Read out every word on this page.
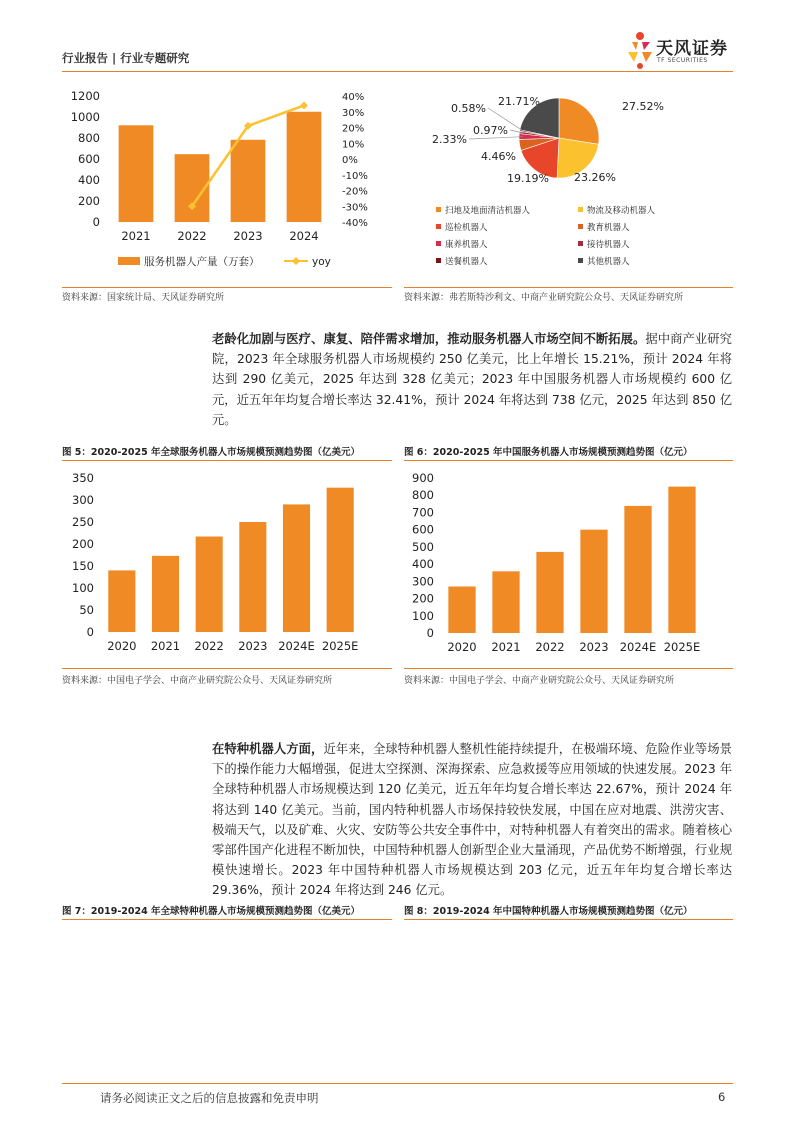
行业报告 | 行业专题研究	天风证券
TF SECURITIES
0
200
400
600
800
1000
1200
-40%
-30%
-20%
-10%
0%
10%
20%
30%
40%
2021 2022 2023 2024
服务机器人产量（万套）	yoy
资料来源：国家统计局、天风证券研究所
27.52%
23.26%
19.19%
4.46%
2.33%
0.97%
0.58%
21.71%
扫地及地面清洁机器人	物流及移动机器人
巡检机器人	教育机器人
康养机器人	接待机器人
送餐机器人	其他机器人
资料来源：弗若斯特沙利文、中商产业研究院公众号、天风证券研究所
老龄化加剧与医疗、康复、陪伴需求增加，推动服务机器人市场空间不断拓展。据中商产业研究院，2023 年全球服务机器人市场规模约 250 亿美元，比上年增长 15.21%，预计 2024 年将达到 290 亿美元，2025 年达到 328 亿美元；2023 年中国服务机器人市场规模约 600 亿元，近五年年均复合增长率达 32.41%，预计 2024 年将达到 738 亿元，2025 年达到 850 亿元。
图 5：2020-2025 年全球服务机器人市场规模预测趋势图（亿美元）
0
50
100
150
200
250
300
350
2020 2021 2022 2023 2024E 2025E
资料来源：中国电子学会、中商产业研究院公众号、天风证券研究所
图 6：2020-2025 年中国服务机器人市场规模预测趋势图（亿元）
0
100
200
300
400
500
600
700
800
900
2020 2021 2022 2023 2024E 2025E
资料来源：中国电子学会、中商产业研究院公众号、天风证券研究所
在特种机器人方面，近年来，全球特种机器人整机性能持续提升，在极端环境、危险作业等场景下的操作能力大幅增强，促进太空探测、深海探索、应急救援等应用领域的快速发展。2023 年全球特种机器人市场规模达到 120 亿美元，近五年年均复合增长率达 22.67%，预计 2024 年将达到 140 亿美元。当前，国内特种机器人市场保持较快发展，中国在应对地震、洪涝灾害、极端天气，以及矿难、火灾、安防等公共安全事件中，对特种机器人有着突出的需求。随着核心零部件国产化进程不断加快，中国特种机器人创新型企业大量涌现，产品优势不断增强，行业规模快速增长。2023 年中国特种机器人市场规模达到 203 亿元，近五年年均复合增长率达 29.36%，预计 2024 年将达到 246 亿元。
图 7：2019-2024 年全球特种机器人市场规模预测趋势图（亿美元）	图 8：2019-2024 年中国特种机器人市场规模预测趋势图（亿元）
请务必阅读正文之后的信息披露和免责申明	6
